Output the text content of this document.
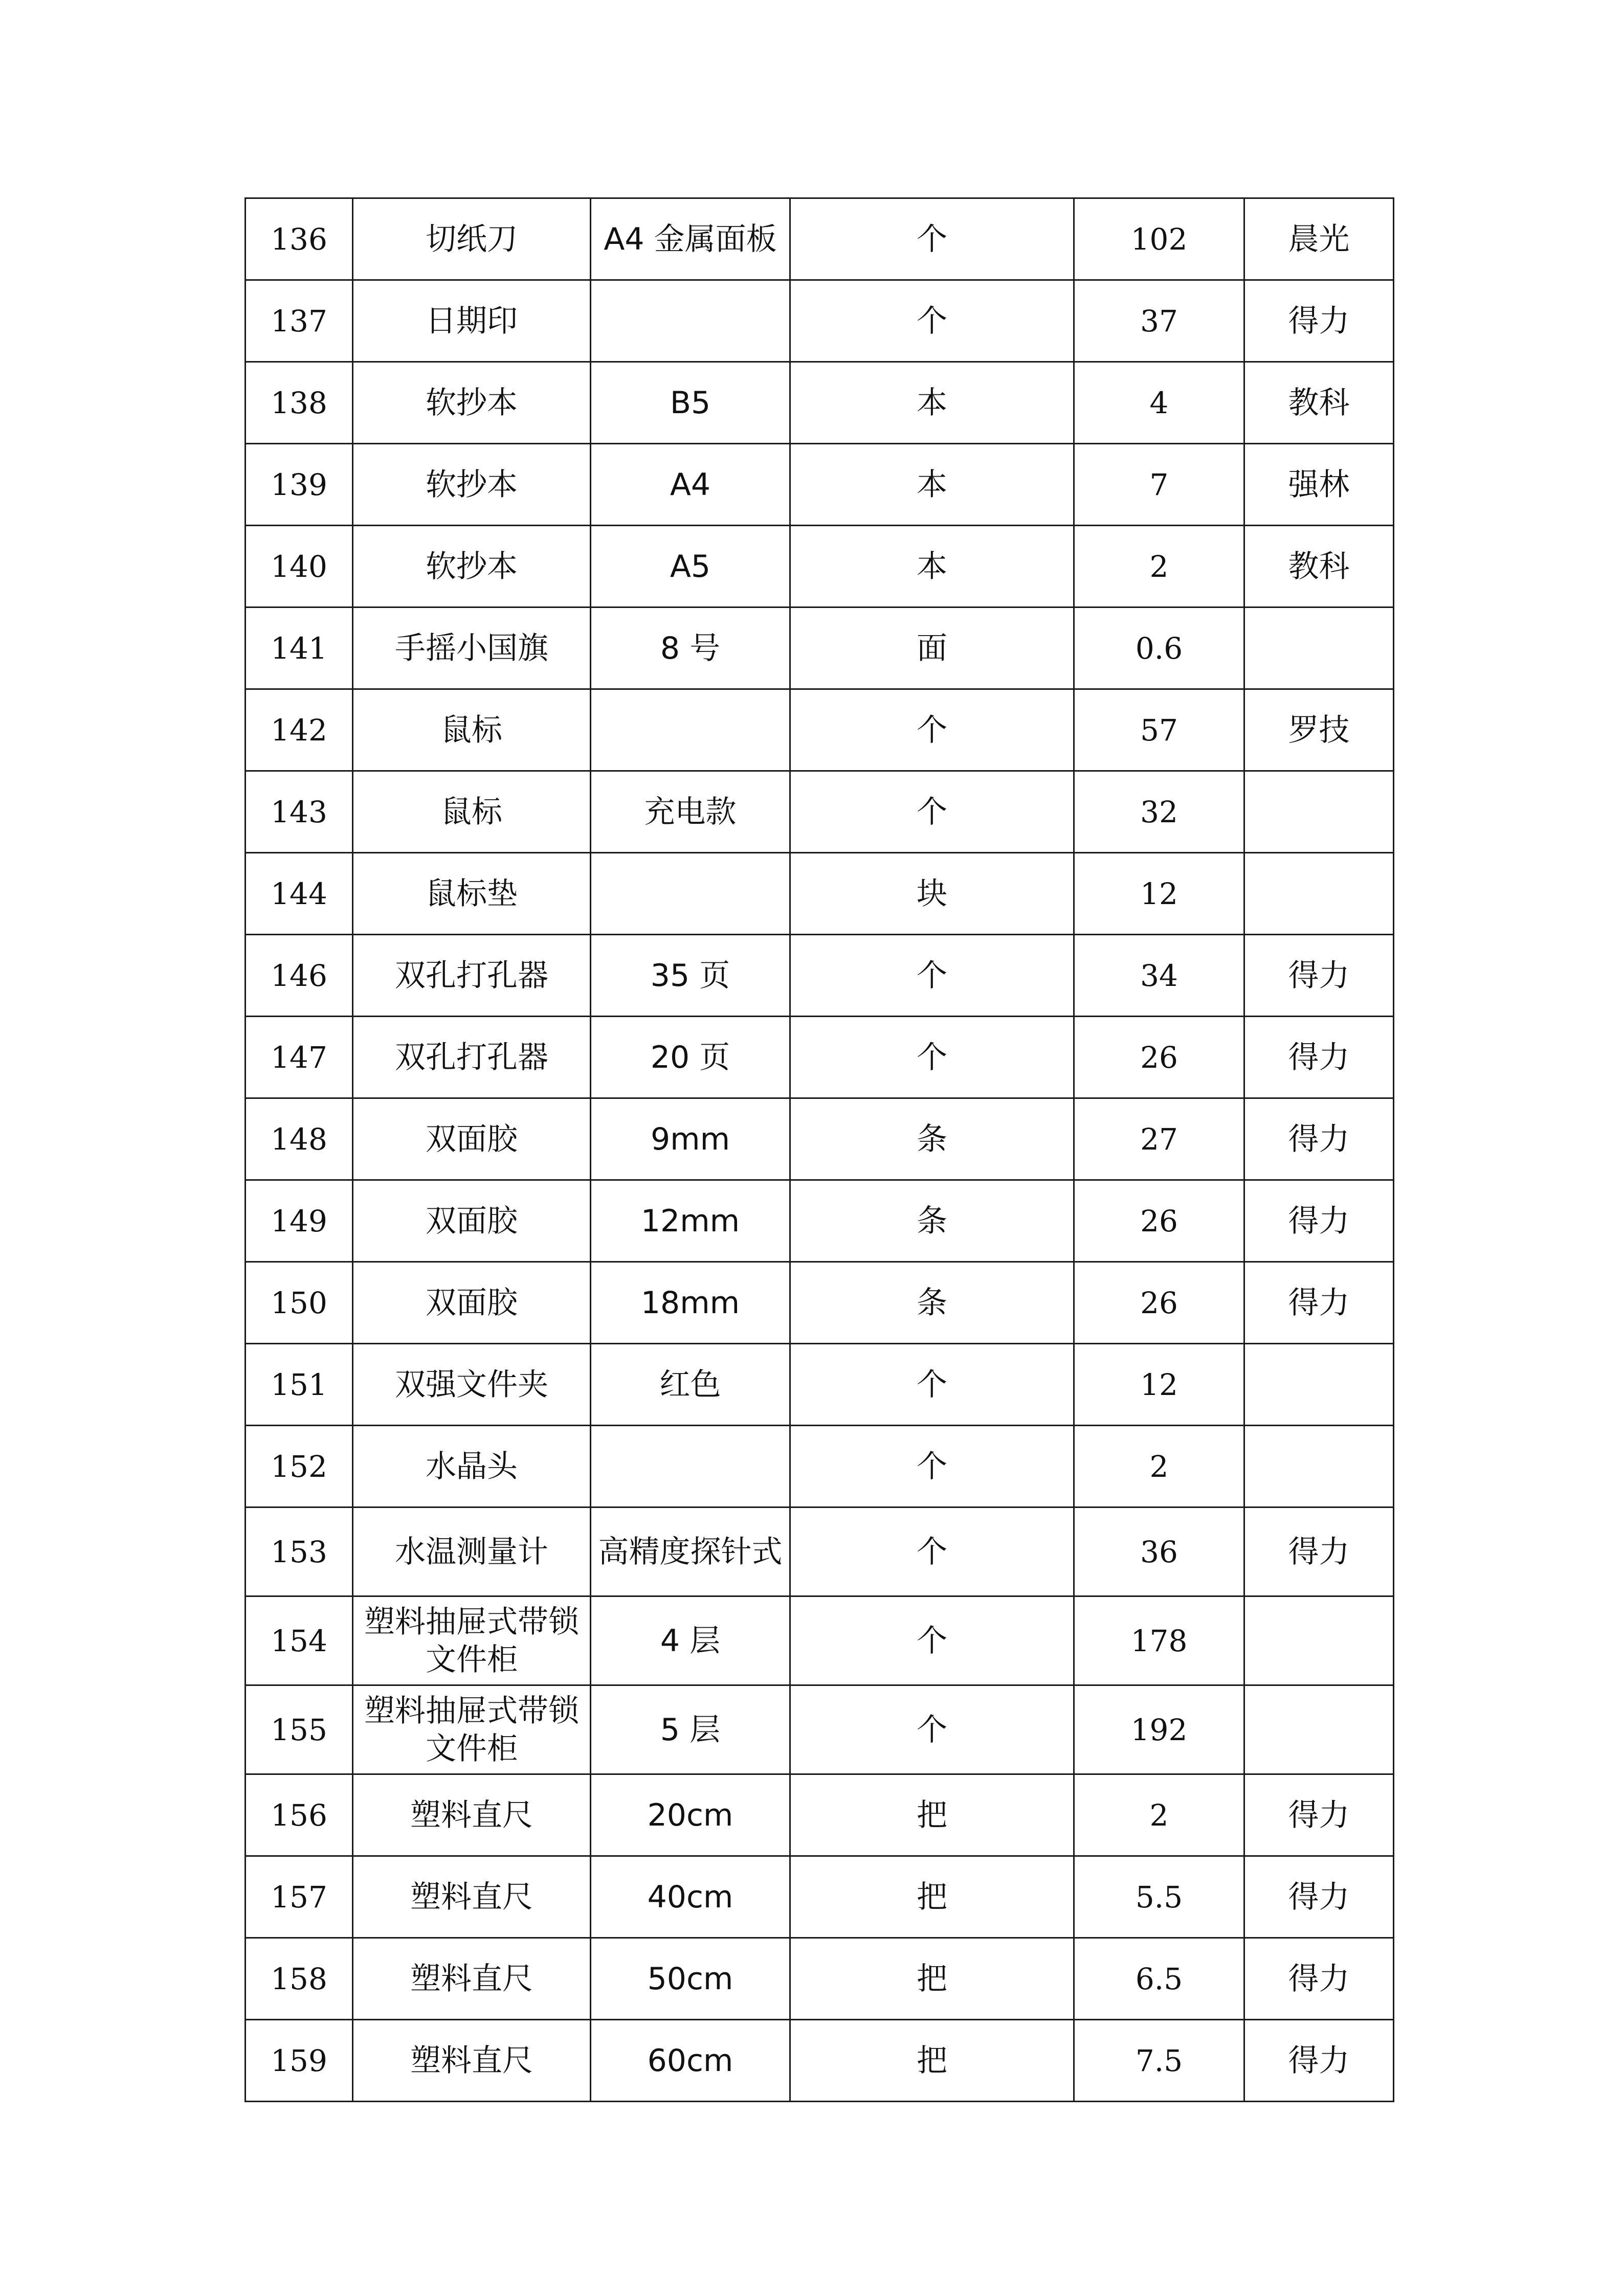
136	切纸刀	A4 金属面板	个	102	晨光
137	日期印		个	37	得力
138	软抄本	B5	本	4	教科
139	软抄本	A4	本	7	强林
140	软抄本	A5	本	2	教科
141	手摇小国旗	8 号	面	0.6	
142	鼠标		个	57	罗技
143	鼠标	充电款	个	32	
144	鼠标垫		块	12	
146	双孔打孔器	35 页	个	34	得力
147	双孔打孔器	20 页	个	26	得力
148	双面胶	9mm	条	27	得力
149	双面胶	12mm	条	26	得力
150	双面胶	18mm	条	26	得力
151	双强文件夹	红色	个	12	
152	水晶头		个	2	
153	水温测量计	高精度探针式	个	36	得力
154	塑料抽屉式带锁文件柜	4 层	个	178	
155	塑料抽屉式带锁文件柜	5 层	个	192	
156	塑料直尺	20cm	把	2	得力
157	塑料直尺	40cm	把	5.5	得力
158	塑料直尺	50cm	把	6.5	得力
159	塑料直尺	60cm	把	7.5	得力
